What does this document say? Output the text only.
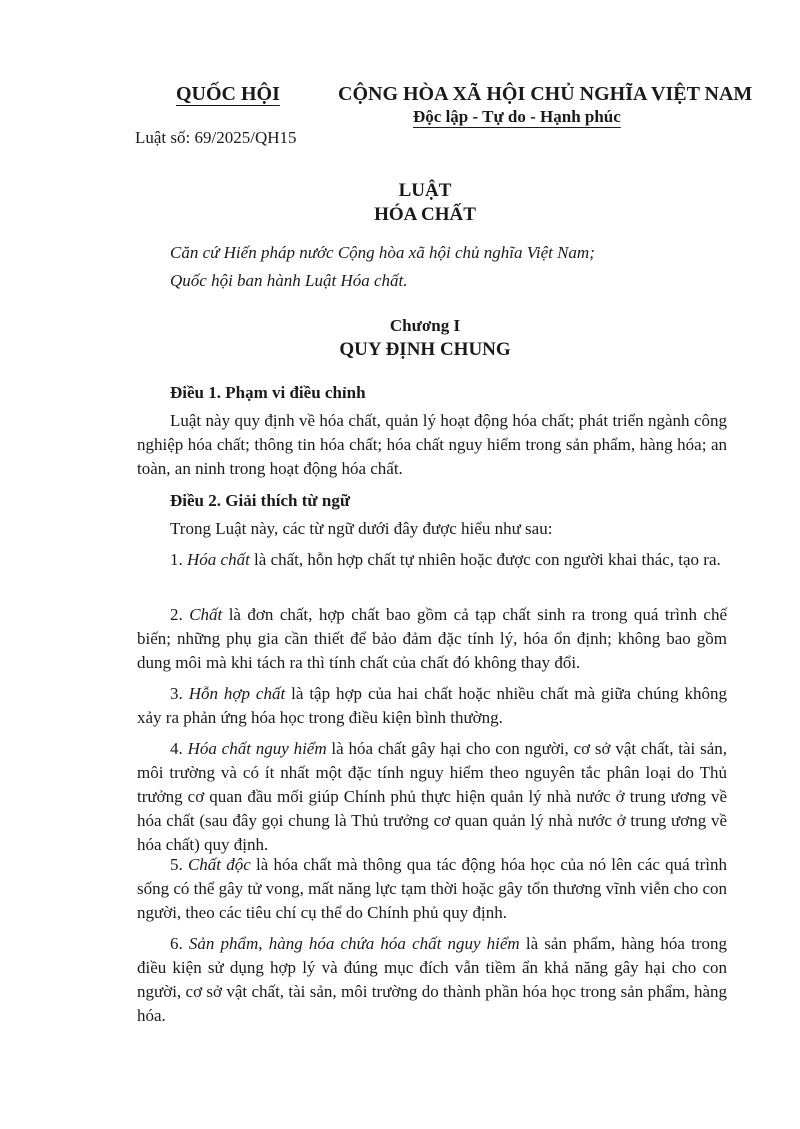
QUỐC HỘI	CỘNG HÒA XÃ HỘI CHỦ NGHĨA VIỆT NAM
Độc lập - Tự do - Hạnh phúc
Luật số: 69/2025/QH15
LUẬT
HÓA CHẤT
Căn cứ Hiến pháp nước Cộng hòa xã hội chủ nghĩa Việt Nam;
Quốc hội ban hành Luật Hóa chất.
Chương I
QUY ĐỊNH CHUNG
Điều 1. Phạm vi điều chỉnh
Luật này quy định về hóa chất, quản lý hoạt động hóa chất; phát triển ngành công nghiệp hóa chất; thông tin hóa chất; hóa chất nguy hiểm trong sản phẩm, hàng hóa; an toàn, an ninh trong hoạt động hóa chất.
Điều 2. Giải thích từ ngữ
Trong Luật này, các từ ngữ dưới đây được hiểu như sau:
1. Hóa chất là chất, hỗn hợp chất tự nhiên hoặc được con người khai thác, tạo ra.
2. Chất là đơn chất, hợp chất bao gồm cả tạp chất sinh ra trong quá trình chế biến; những phụ gia cần thiết để bảo đảm đặc tính lý, hóa ổn định; không bao gồm dung môi mà khi tách ra thì tính chất của chất đó không thay đổi.
3. Hỗn hợp chất là tập hợp của hai chất hoặc nhiều chất mà giữa chúng không xảy ra phản ứng hóa học trong điều kiện bình thường.
4. Hóa chất nguy hiểm là hóa chất gây hại cho con người, cơ sở vật chất, tài sản, môi trường và có ít nhất một đặc tính nguy hiểm theo nguyên tắc phân loại do Thủ trưởng cơ quan đầu mối giúp Chính phủ thực hiện quản lý nhà nước ở trung ương về hóa chất (sau đây gọi chung là Thủ trưởng cơ quan quản lý nhà nước ở trung ương về hóa chất) quy định.
5. Chất độc là hóa chất mà thông qua tác động hóa học của nó lên các quá trình sống có thể gây tử vong, mất năng lực tạm thời hoặc gây tổn thương vĩnh viễn cho con người, theo các tiêu chí cụ thể do Chính phủ quy định.
6. Sản phẩm, hàng hóa chứa hóa chất nguy hiểm là sản phẩm, hàng hóa trong điều kiện sử dụng hợp lý và đúng mục đích vẫn tiềm ẩn khả năng gây hại cho con người, cơ sở vật chất, tài sản, môi trường do thành phần hóa học trong sản phẩm, hàng hóa.
